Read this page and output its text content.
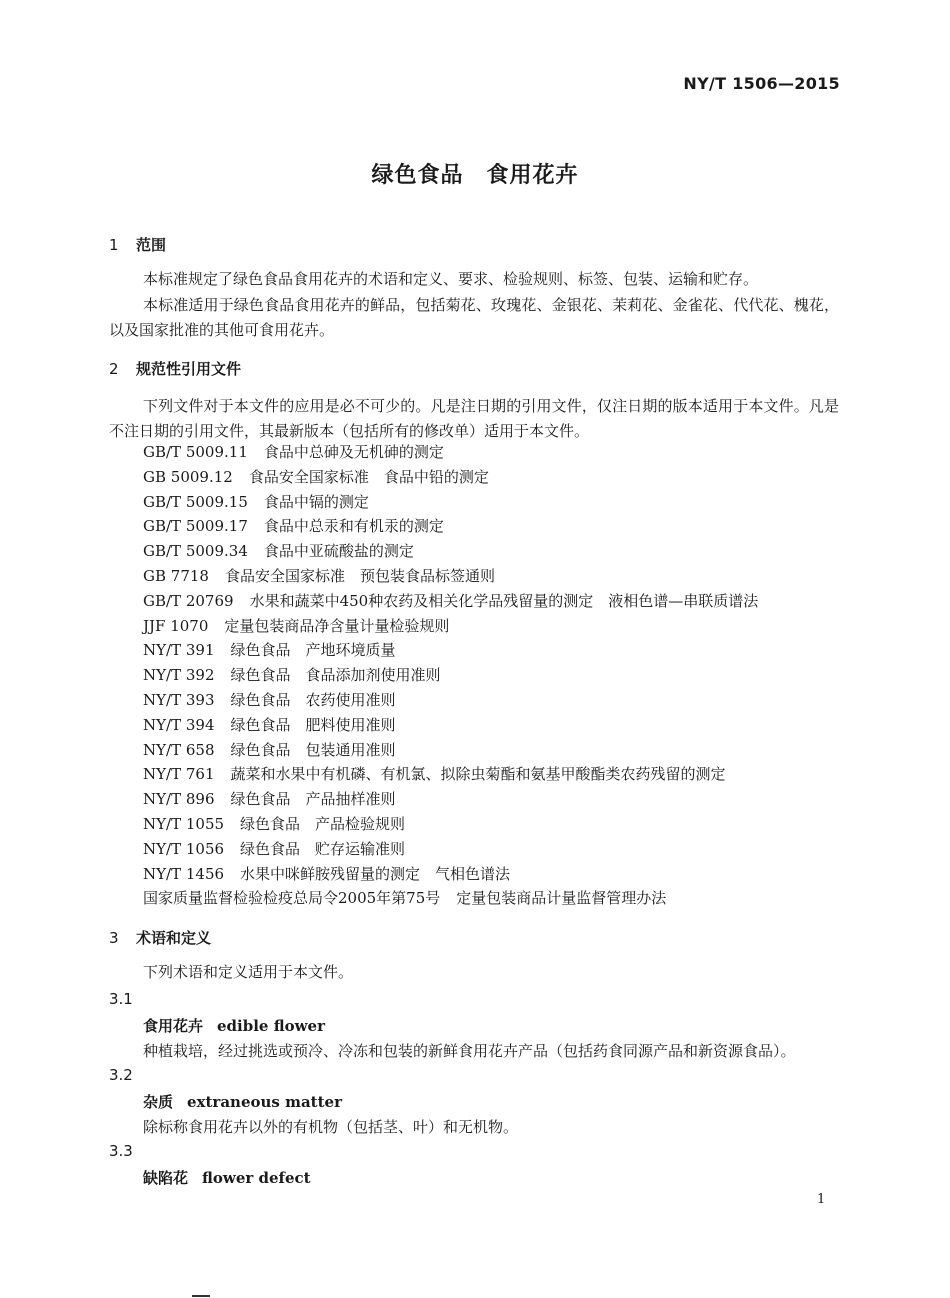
NY/T 1506—2015
绿色食品　食用花卉
1 范围
本标准规定了绿色食品食用花卉的术语和定义、要求、检验规则、标签、包装、运输和贮存。
本标准适用于绿色食品食用花卉的鲜品，包括菊花、玫瑰花、金银花、茉莉花、金雀花、代代花、槐花，以及国家批准的其他可食用花卉。
2 规范性引用文件
下列文件对于本文件的应用是必不可少的。凡是注日期的引用文件，仅注日期的版本适用于本文件。凡是不注日期的引用文件，其最新版本（包括所有的修改单）适用于本文件。
GB/T 5009.11 食品中总砷及无机砷的测定
GB 5009.12 食品安全国家标准　食品中铅的测定
GB/T 5009.15 食品中镉的测定
GB/T 5009.17 食品中总汞和有机汞的测定
GB/T 5009.34 食品中亚硫酸盐的测定
GB 7718 食品安全国家标准　预包装食品标签通则
GB/T 20769 水果和蔬菜中450种农药及相关化学品残留量的测定　液相色谱—串联质谱法
JJF 1070 定量包装商品净含量计量检验规则
NY/T 391 绿色食品　产地环境质量
NY/T 392 绿色食品　食品添加剂使用准则
NY/T 393 绿色食品　农药使用准则
NY/T 394 绿色食品　肥料使用准则
NY/T 658 绿色食品　包装通用准则
NY/T 761 蔬菜和水果中有机磷、有机氯、拟除虫菊酯和氨基甲酸酯类农药残留的测定
NY/T 896 绿色食品　产品抽样准则
NY/T 1055 绿色食品　产品检验规则
NY/T 1056 绿色食品　贮存运输准则
NY/T 1456 水果中咪鲜胺残留量的测定　气相色谱法
国家质量监督检验检疫总局令2005年第75号 定量包装商品计量监督管理办法
3 术语和定义
下列术语和定义适用于本文件。
3.1
食用花卉 edible flower
种植栽培，经过挑选或预冷、冷冻和包装的新鲜食用花卉产品（包括药食同源产品和新资源食品）。
3.2
杂质 extraneous matter
除标称食用花卉以外的有机物（包括茎、叶）和无机物。
3.3
缺陷花 flower defect
1
